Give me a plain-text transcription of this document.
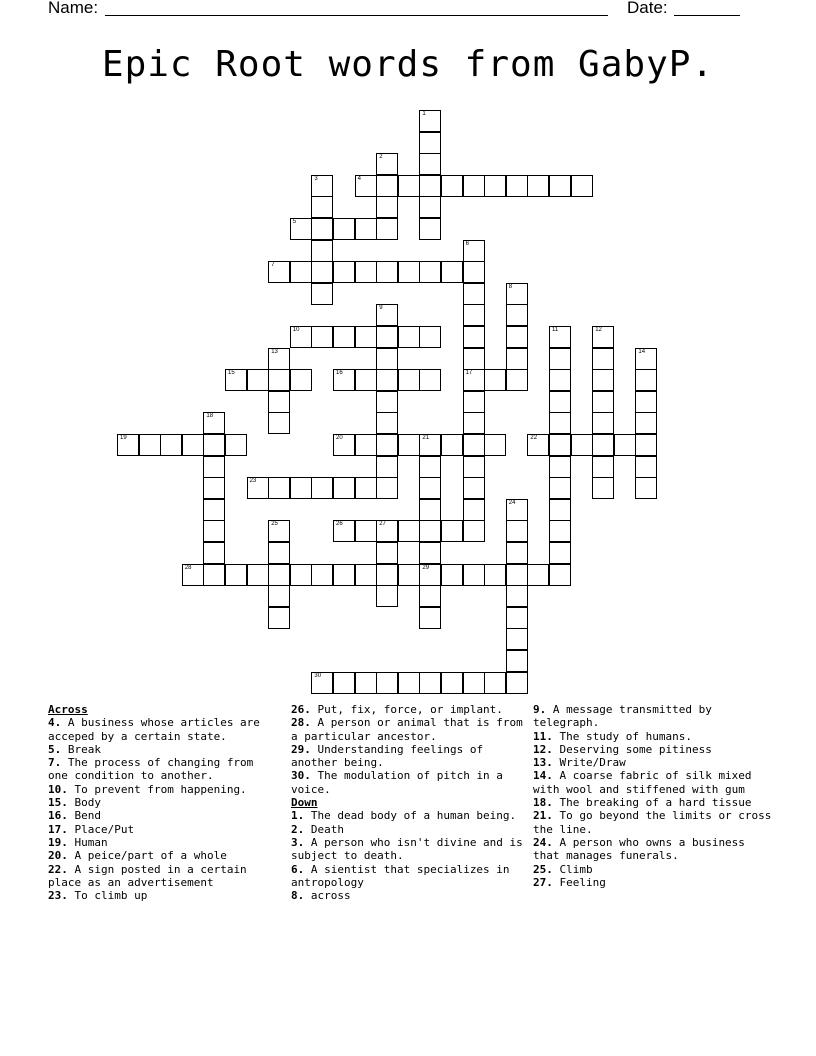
Name:	Date:
Epic Root words from GabyP.
1
2
3	4
5
6
17
7
8
9
10	11	12
13	14
15	16
18
19	20	21
29
22
23
24
25	26	27
28
30
Across
4. A business whose articles are acceped by a certain state.
5. Break
7. The process of changing from one condition to another.
10. To prevent from happening.
15. Body
16. Bend
17. Place/Put
19. Human
20. A peice/part of a whole
22. A sign posted in a certain place as an advertisement
23. To climb up
26. Put, fix, force, or implant.
28. A person or animal that is from a particular ancestor.
29. Understanding feelings of another being.
30. The modulation of pitch in a voice.
Down
1. The dead body of a human being.
2. Death
3. A person who isn't divine and is subject to death.
6. A sientist that specializes in antropology
8. across
9. A message transmitted by telegraph.
11. The study of humans.
12. Deserving some pitiness
13. Write/Draw
14. A coarse fabric of silk mixed with wool and stiffened with gum
18. The breaking of a hard tissue
21. To go beyond the limits or cross the line.
24. A person who owns a business that manages funerals.
25. Climb
27. Feeling
